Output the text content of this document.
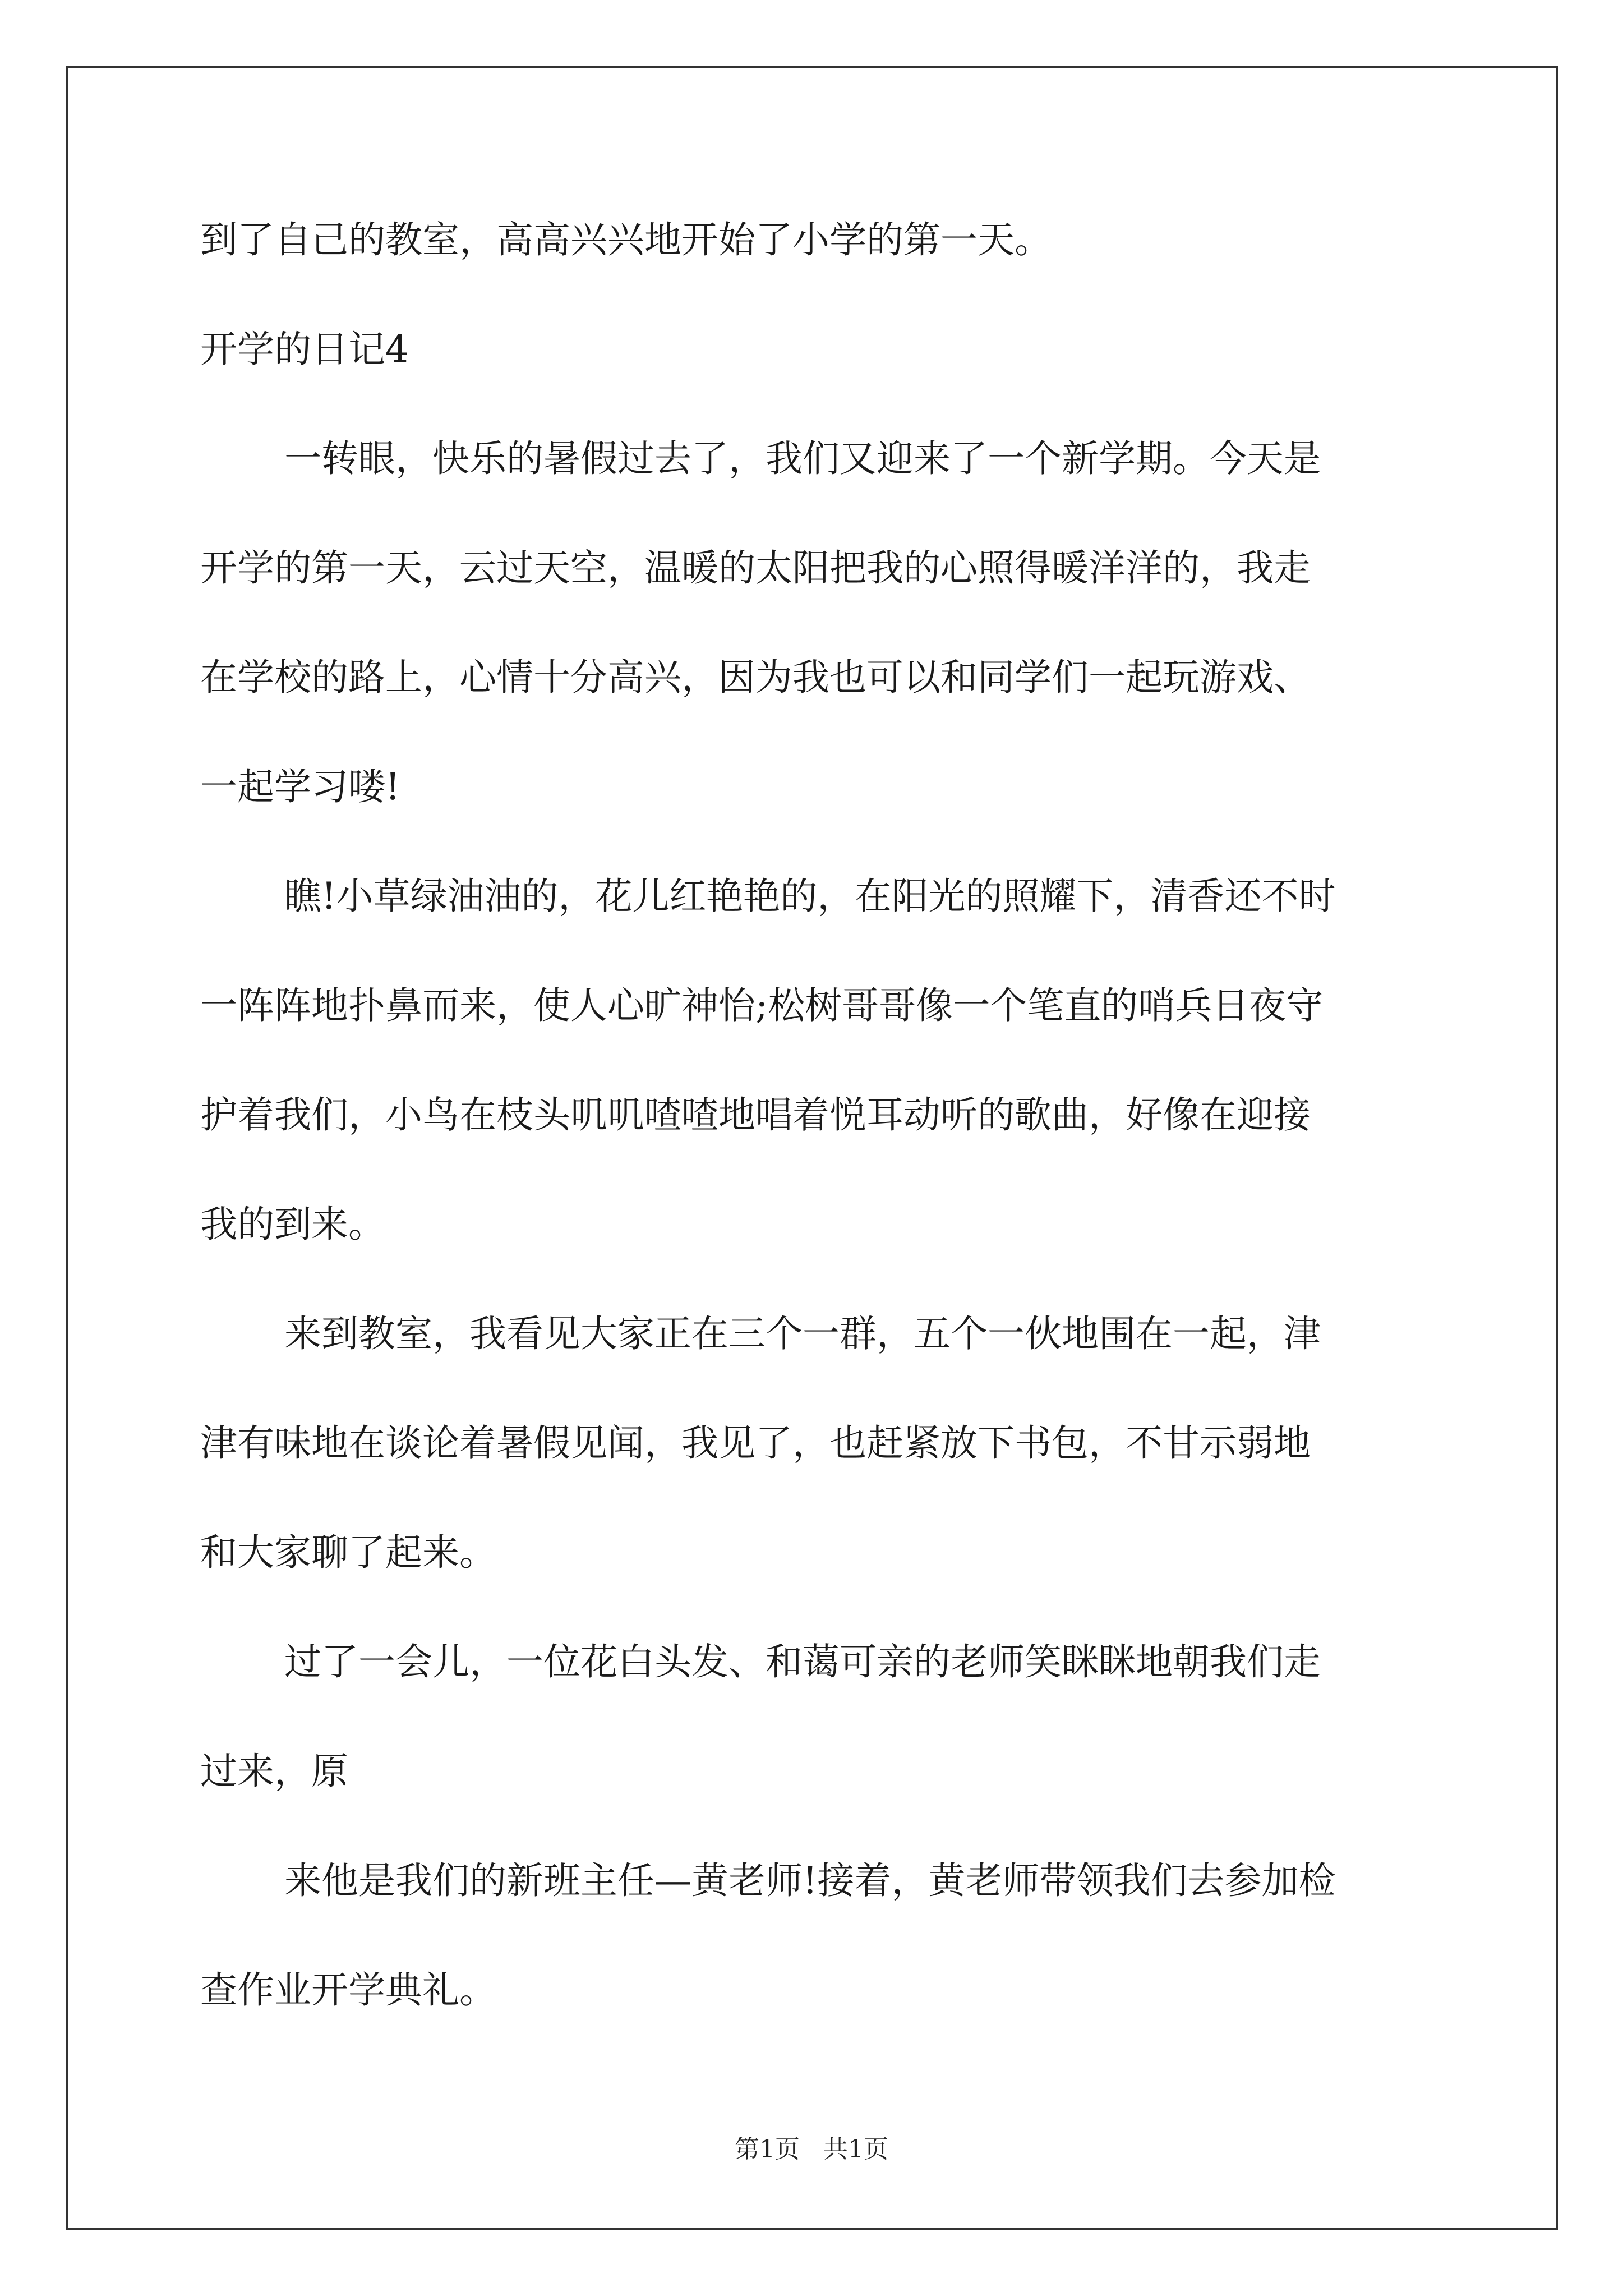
到了自己的教室，高高兴兴地开始了小学的第一天。
开学的日记4
一转眼，快乐的暑假过去了，我们又迎来了一个新学期。今天是
开学的第一天，云过天空，温暖的太阳把我的心照得暖洋洋的，我走
在学校的路上，心情十分高兴，因为我也可以和同学们一起玩游戏、
一起学习喽!
瞧!小草绿油油的，花儿红艳艳的，在阳光的照耀下，清香还不时
一阵阵地扑鼻而来，使人心旷神怡;松树哥哥像一个笔直的哨兵日夜守
护着我们，小鸟在枝头叽叽喳喳地唱着悦耳动听的歌曲，好像在迎接
我的到来。
来到教室，我看见大家正在三个一群，五个一伙地围在一起，津
津有味地在谈论着暑假见闻，我见了，也赶紧放下书包，不甘示弱地
和大家聊了起来。
过了一会儿，一位花白头发、和蔼可亲的老师笑眯眯地朝我们走
过来，原
来他是我们的新班主任—黄老师!接着，黄老师带领我们去参加检
查作业开学典礼。
第1页   共1页
